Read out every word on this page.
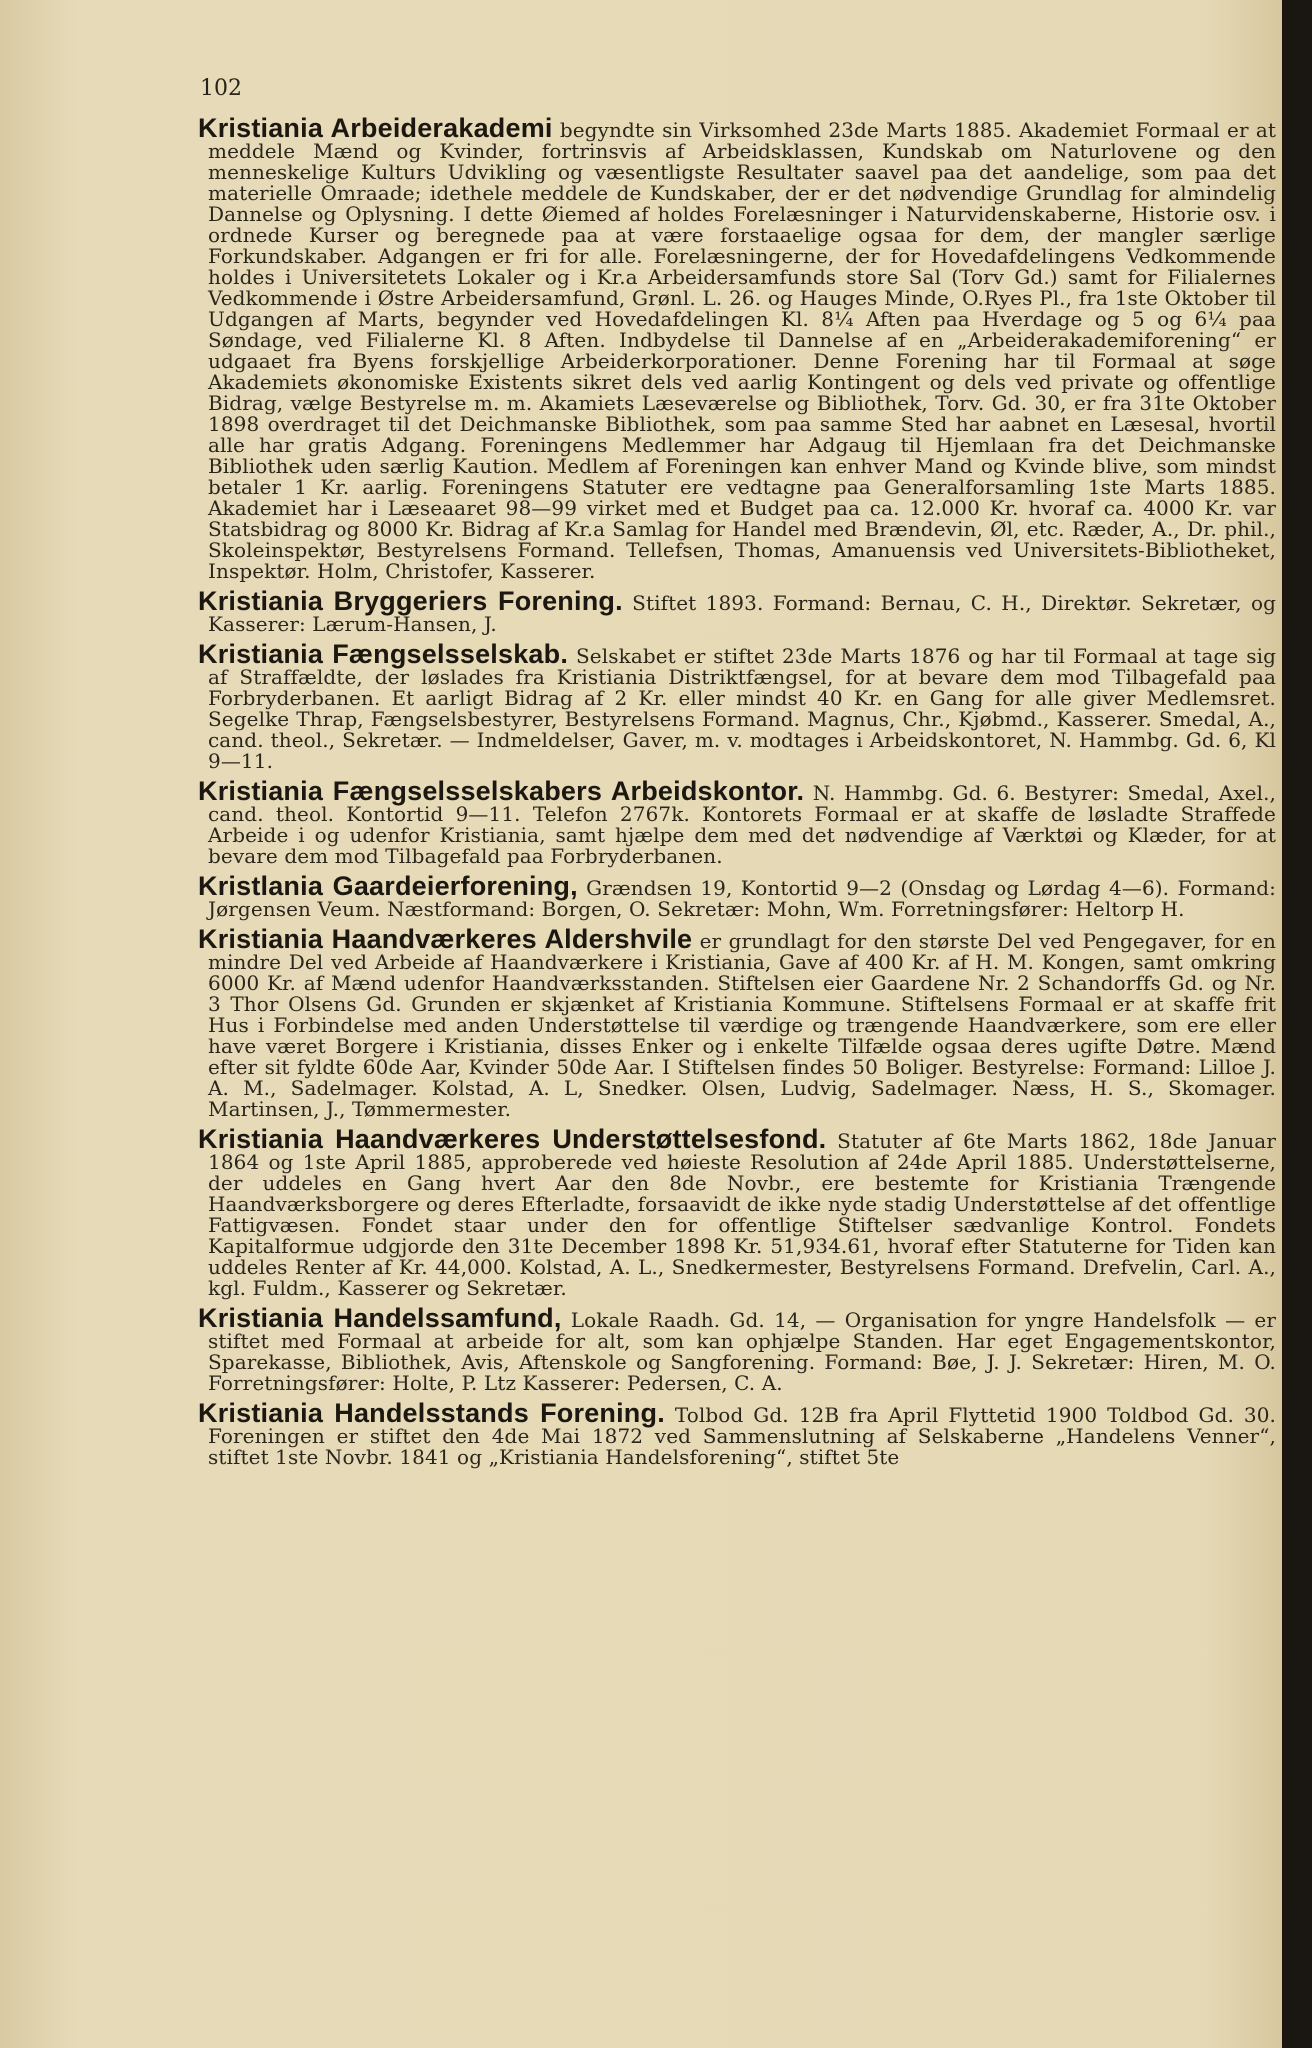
102

Kristiania Arbeiderakademi begyndte sin Virksomhed 23de Marts 1885. Akademiet Formaal er at meddele Mænd og Kvinder, fortrinsvis af Arbeidsklassen, Kundskab om Naturlovene og den menneskelige Kulturs Udvikling og væsentligste Resultater saavel paa det aandelige, som paa det materielle Omraade; idethele meddele de Kundskaber, der er det nødvendige Grundlag for almindelig Dannelse og Oplysning. I dette Øiemed af holdes Forelæsninger i Naturvidenskaberne, Historie osv. i ordnede Kurser og beregnede paa at være forstaaelige ogsaa for dem, der mangler særlige Forkundskaber. Adgangen er fri for alle. Forelæsningerne, der for Hovedafdelingens Vedkommende holdes i Universitetets Lokaler og i Kr.a Arbeidersamfunds store Sal (Torv Gd.) samt for Filialernes Vedkommende i Østre Arbeidersamfund, Grønl. L. 26. og Hauges Minde, O.Ryes Pl., fra 1ste Oktober til Udgangen af Marts, begynder ved Hovedafdelingen Kl. 8¼ Aften paa Hverdage og 5 og 6¼ paa Søndage, ved Filialerne Kl. 8 Aften. Indbydelse til Dannelse af en „Arbeiderakademiforening“ er udgaaet fra Byens forskjellige Arbeiderkorporationer. Denne Forening har til Formaal at søge Akademiets økonomiske Existents sikret dels ved aarlig Kontingent og dels ved private og offentlige Bidrag, vælge Bestyrelse m. m. Akamiets Læseværelse og Bibliothek, Torv. Gd. 30, er fra 31te Oktober 1898 overdraget til det Deichmanske Bibliothek, som paa samme Sted har aabnet en Læsesal, hvortil alle har gratis Adgang. Foreningens Medlemmer har Adgaug til Hjemlaan fra det Deichmanske Bibliothek uden særlig Kaution. Medlem af Foreningen kan enhver Mand og Kvinde blive, som mindst betaler 1 Kr. aarlig. Foreningens Statuter ere vedtagne paa Generalforsamling 1ste Marts 1885. Akademiet har i Læseaaret 98—99 virket med et Budget paa ca. 12.000 Kr. hvoraf ca. 4000 Kr. var Statsbidrag og 8000 Kr. Bidrag af Kr.a Samlag for Handel med Brændevin, Øl, etc. Ræder, A., Dr. phil., Skoleinspektør, Bestyrelsens Formand. Tellefsen, Thomas, Amanuensis ved Universitets-Bibliotheket, Inspektør. Holm, Christofer, Kasserer.

Kristiania Bryggeriers Forening. Stiftet 1893. Formand: Bernau, C. H., Direktør. Sekretær, og Kasserer: Lærum-Hansen, J.

Kristiania Fængselsselskab. Selskabet er stiftet 23de Marts 1876 og har til Formaal at tage sig af Straffældte, der løslades fra Kristiania Distriktfængsel, for at bevare dem mod Tilbagefald paa Forbryderbanen. Et aarligt Bidrag af 2 Kr. eller mindst 40 Kr. en Gang for alle giver Medlemsret. Segelke Thrap, Fængselsbestyrer, Bestyrelsens Formand. Magnus, Chr., Kjøbmd., Kasserer. Smedal, A., cand. theol., Sekretær. — Indmeldelser, Gaver, m. v. modtages i Arbeidskontoret, N. Hammbg. Gd. 6, Kl 9—11.

Kristiania Fængselsselskabers Arbeidskontor. N. Hammbg. Gd. 6. Bestyrer: Smedal, Axel., cand. theol. Kontortid 9—11. Telefon 2767k. Kontorets Formaal er at skaffe de løsladte Straffede Arbeide i og udenfor Kristiania, samt hjælpe dem med det nødvendige af Værktøi og Klæder, for at bevare dem mod Tilbagefald paa Forbryderbanen.

Kristlania Gaardeierforening, Grændsen 19, Kontortid 9—2 (Onsdag og Lørdag 4—6). Formand: Jørgensen Veum. Næstformand: Borgen, O. Sekretær: Mohn, Wm. Forretningsfører: Heltorp H.

Kristiania Haandværkeres Aldershvile er grundlagt for den største Del ved Pengegaver, for en mindre Del ved Arbeide af Haandværkere i Kristiania, Gave af 400 Kr. af H. M. Kongen, samt omkring 6000 Kr. af Mænd udenfor Haandværksstanden. Stiftelsen eier Gaardene Nr. 2 Schandorffs Gd. og Nr. 3 Thor Olsens Gd. Grunden er skjænket af Kristiania Kommune. Stiftelsens Formaal er at skaffe frit Hus i Forbindelse med anden Understøttelse til værdige og trængende Haandværkere, som ere eller have været Borgere i Kristiania, disses Enker og i enkelte Tilfælde ogsaa deres ugifte Døtre. Mænd efter sit fyldte 60de Aar, Kvinder 50de Aar. I Stiftelsen findes 50 Boliger. Bestyrelse: Formand: Lilloe J. A. M., Sadelmager. Kolstad, A. L, Snedker. Olsen, Ludvig, Sadelmager. Næss, H. S., Skomager. Martinsen, J., Tømmermester.

Kristiania Haandværkeres Understøttelsesfond. Statuter af 6te Marts 1862, 18de Januar 1864 og 1ste April 1885, approberede ved høieste Resolution af 24de April 1885. Understøttelserne, der uddeles en Gang hvert Aar den 8de Novbr., ere bestemte for Kristiania Trængende Haandværksborgere og deres Efterladte, forsaavidt de ikke nyde stadig Understøttelse af det offentlige Fattigvæsen. Fondet staar under den for offentlige Stiftelser sædvanlige Kontrol. Fondets Kapitalformue udgjorde den 31te December 1898 Kr. 51,934.61, hvoraf efter Statuterne for Tiden kan uddeles Renter af Kr. 44,000. Kolstad, A. L., Snedkermester, Bestyrelsens Formand. Drefvelin, Carl. A., kgl. Fuldm., Kasserer og Sekretær.

Kristiania Handelssamfund, Lokale Raadh. Gd. 14, — Organisation for yngre Handelsfolk — er stiftet med Formaal at arbeide for alt, som kan ophjælpe Standen. Har eget Engagementskontor, Sparekasse, Bibliothek, Avis, Aftenskole og Sangforening. Formand: Bøe, J. J. Sekretær: Hiren, M. O. Forretningsfører: Holte, P. Ltz Kasserer: Pedersen, C. A.

Kristiania Handelsstands Forening. Tolbod Gd. 12B fra April Flyttetid 1900 Toldbod Gd. 30. Foreningen er stiftet den 4de Mai 1872 ved Sammenslutning af Selskaberne „Handelens Venner“, stiftet 1ste Novbr. 1841 og „Kristiania Handelsforening“, stiftet 5te
